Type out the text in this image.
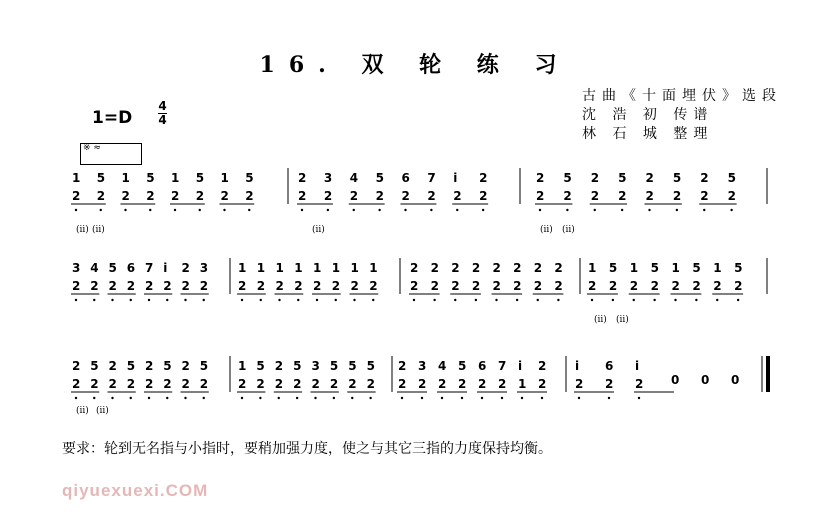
16. 双 轮 练 习
1=D
4
4
古曲《十面埋伏》选段
沈 浩 初 传谱
林 石 城 整理
※ ≈
1
2
5
2
1
2
5
2
1
2
5
2
1
2
5
2
2
2
3
2
4
2
5
2
6
2
7
2
i
2
2
2
2
2
5
2
2
2
5
2
2
2
5
2
2
2
5
2
(ⅱ) (ⅱ)	(ⅱ)	(ⅱ) (ⅱ)
3
2
4
2
5
2
6
2
7
2
i
2
2
2
3
2
1
2
1
2
1
2
1
2
1
2
1
2
1
2
1
2
2
2
2
2
2
2
2
2
2
2
2
2
2
2
2
2
1
2
5
2
1
2
5
2
1
2
5
2
1
2
5
2
(ⅱ) (ⅱ)
2
2
5
2
2
2
5
2
2
2
5
2
2
2
5
2
1
2
5
2
2
2
5
2
3
2
5
2
5
2
5
2
2
2
3
2
4
2
5
2
6
2
7
2
i
1
2
2
i
2
6
2
i
2 0 0 0
(ⅱ) (ⅱ)
要求：轮到无名指与小指时，要稍加强力度，使之与其它三指的力度保持均衡。
qiyuexuexi.COM
